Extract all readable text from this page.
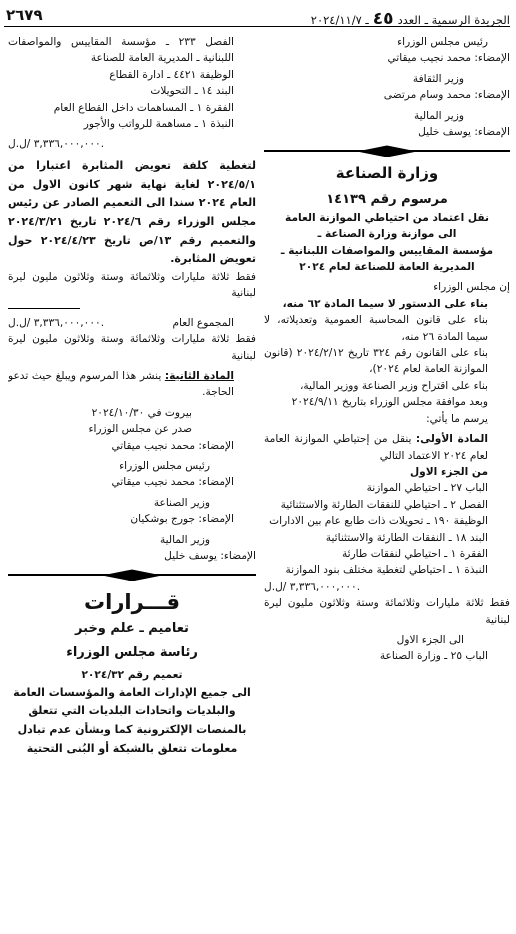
٢٦٧٩	الجريدة الرسمية ـ العدد٤٥ـ ٢٠٢٤/١١/٧

رئيس مجلس الوزراء

الإمضاء: محمد نجيب ميقاتي

وزير الثقافة

الإمضاء: محمد وسام مرتضى

وزير المالية

الإمضاء: يوسف خليل

وزارة الصناعة

مرسوم رقم ١٤١٣٩

نقل اعتماد من احتياطي الموازنة العامة

الى موازنة وزارة الصناعة ـ

مؤسسة المقاييس والمواصفات اللبنانية ـ

المديرية العامة للصناعة لعام ٢٠٢٤

إن مجلس الوزراء

بناء على الدستور لا سيما المادة ٦٢ منه،

بناء على قانون المحاسبة العمومية وتعديلاته، لا سيما المادة ٢٦ منه،

بناء على القانون رقم ٣٢٤ تاريخ ٢٠٢٤/٢/١٢ (قانون الموازنة العامة لعام ٢٠٢٤)،

بناء على اقتراح وزير الصناعة ووزير المالية،

وبعد موافقة مجلس الوزراء بتاريخ ٢٠٢٤/٩/١١

يرسم ما يأتي:

المادة الأولى: ينقل من إحتياطي الموازنة العامة لعام ٢٠٢٤ الاعتماد التالي

من الجزء الاول

الباب ٢٧ ـ احتياطي الموازنة

الفصل ٢ ـ احتياطي للنفقات الطارئة والاستثنائية

الوظيفة ١٩٠ ـ تحويلات ذات طابع عام بين الادارات

البند ١٨ ـ النفقات الطارئة والاستثنائية

الفقرة ١ ـ احتياطي لنفقات طارئة

النبذة ١ ـ احتياطي لتغطية مختلف بنود الموازنة

٣,٣٣٦,٠٠٠,٠٠٠ /ل.ل.

فقط ثلاثة مليارات وثلاثمائة وستة وثلاثون مليون ليرة لبنانية

الى الجزء الاول

الباب ٢٥ ـ وزارة الصناعة

الفصل ٢٣٣ ـ مؤسسة المقاييس والمواصفات اللبنانية ـ المديرية العامة للصناعة

الوظيفة ٤٤٢١ ـ ادارة القطاع

البند ١٤ ـ التحويلات

الفقرة ١ ـ المساهمات داخل القطاع العام

النبذة ١ ـ مساهمة للرواتب والأجور

٣,٣٣٦,٠٠٠,٠٠٠ /ل.ل.

لتغطية كلفة تعويض المثابرة اعتبارا من ٢٠٢٤/٥/١ لغاية نهاية شهر كانون الاول من العام ٢٠٢٤ سندا الى التعميم الصادر عن رئيس مجلس الوزراء رقم ٢٠٢٤/٦ تاريخ ٢٠٢٤/٣/٢١ والتعميم رقم ١٣/ص تاريخ ٢٠٢٤/٤/٢٣ حول تعويض المثابرة.

فقط ثلاثة مليارات وثلاثمائة وستة وثلاثون مليون ليرة لبنانية

المجموع العام
٣,٣٣٦,٠٠٠,٠٠٠ /ل.ل.

فقط ثلاثة مليارات وثلاثمائة وستة وثلاثون مليون ليرة لبنانية

المادة الثانية: ينشر هذا المرسوم ويبلغ حيث تدعو الحاجة.

بيروت في ٢٠٢٤/١٠/٣٠

صدر عن مجلس الوزراء

الإمضاء: محمد نجيب ميقاتي

رئيس مجلس الوزراء

الإمضاء: محمد نجيب ميقاتي

وزير الصناعة

الإمضاء: جورج بوشكيان

وزير المالية

الإمضاء: يوسف خليل

قـــرارات

تعاميم ـ علم وخبر

رئاسة مجلس الوزراء

تعميم رقم ٢٠٢٤/٣٢

الى جميع الإدارات العامة والمؤسسات العامة والبلديات واتحادات البلديات التي تتعلق بالمنصات الإلكترونية كما وبشأن عدم تبادل معلومات تتعلق بالشبكة أو البُنى التحتية
